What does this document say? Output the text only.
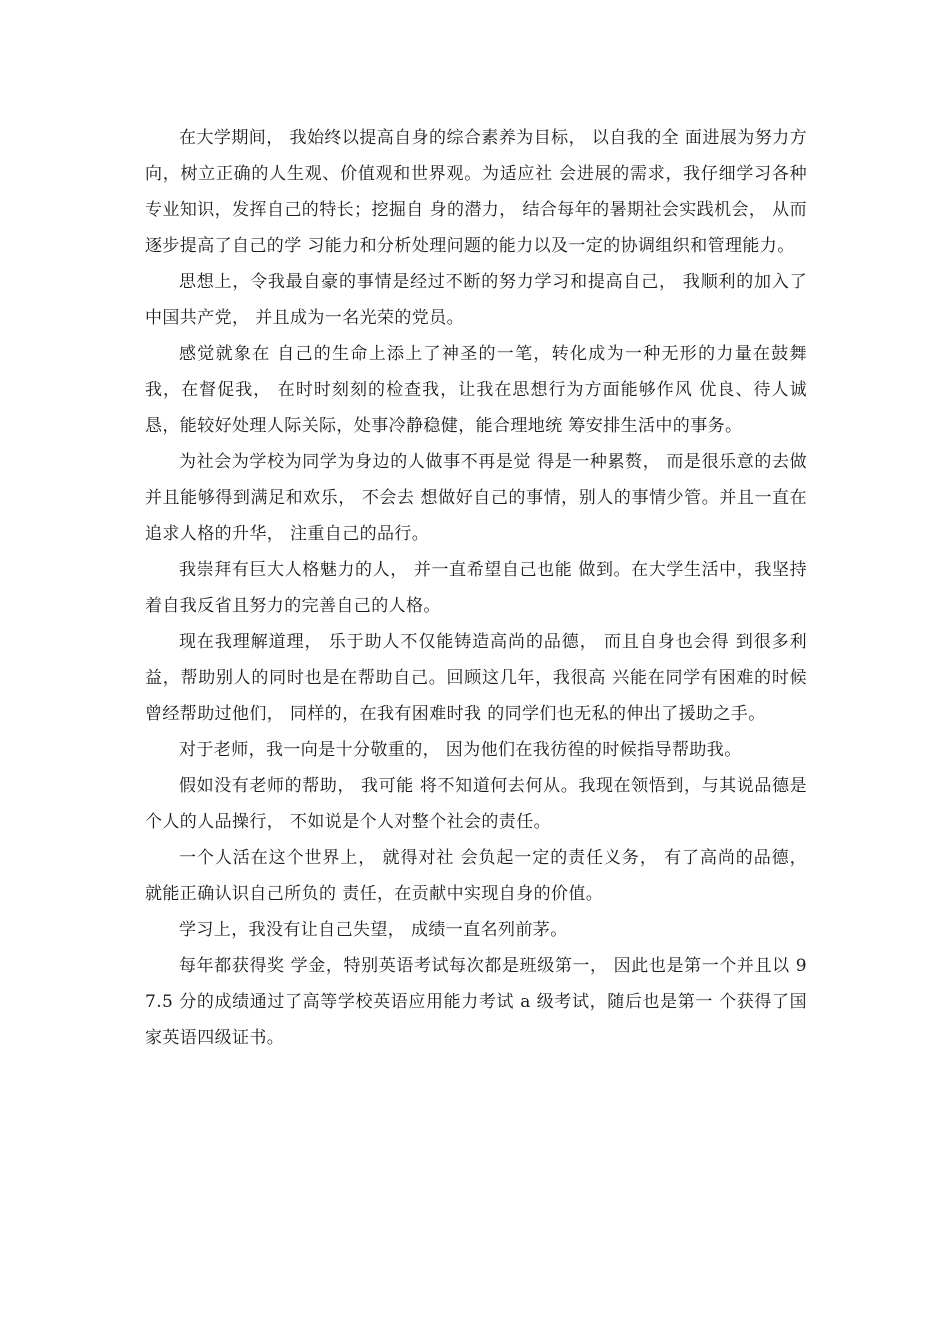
在大学期间， 我始终以提高自身的综合素养为目标， 以自我的全 面进展为努力方向，树立正确的人生观、价值观和世界观。为适应社 会进展的需求，我仔细学习各种专业知识，发挥自己的特长；挖掘自 身的潜力， 结合每年的暑期社会实践机会， 从而逐步提高了自己的学 习能力和分析处理问题的能力以及一定的协调组织和管理能力。

思想上，令我最自豪的事情是经过不断的努力学习和提高自己， 我顺利的加入了中国共产党， 并且成为一名光荣的党员。

感觉就象在 自己的生命上添上了神圣的一笔，转化成为一种无形的力量在鼓舞 我，在督促我， 在时时刻刻的检查我，让我在思想行为方面能够作风 优良、待人诚恳，能较好处理人际关际，处事冷静稳健，能合理地统 筹安排生活中的事务。

为社会为学校为同学为身边的人做事不再是觉 得是一种累赘， 而是很乐意的去做并且能够得到满足和欢乐， 不会去 想做好自己的事情，别人的事情少管。并且一直在追求人格的升华， 注重自己的品行。

我崇拜有巨大人格魅力的人， 并一直希望自己也能 做到。在大学生活中，我坚持着自我反省且努力的完善自己的人格。

现在我理解道理， 乐于助人不仅能铸造高尚的品德， 而且自身也会得 到很多利益，帮助别人的同时也是在帮助自己。回顾这几年，我很高 兴能在同学有困难的时候曾经帮助过他们， 同样的，在我有困难时我 的同学们也无私的伸出了援助之手。

对于老师，我一向是十分敬重的， 因为他们在我彷徨的时候指导帮助我。

假如没有老师的帮助， 我可能 将不知道何去何从。我现在领悟到，与其说品德是个人的人品操行， 不如说是个人对整个社会的责任。

一个人活在这个世界上， 就得对社 会负起一定的责任义务， 有了高尚的品德， 就能正确认识自己所负的 责任，在贡献中实现自身的价值。

学习上，我没有让自己失望， 成绩一直名列前茅。

每年都获得奖 学金，特别英语考试每次都是班级第一， 因此也是第一个并且以 97.5 分的成绩通过了高等学校英语应用能力考试 a 级考试，随后也是第一 个获得了国家英语四级证书。
